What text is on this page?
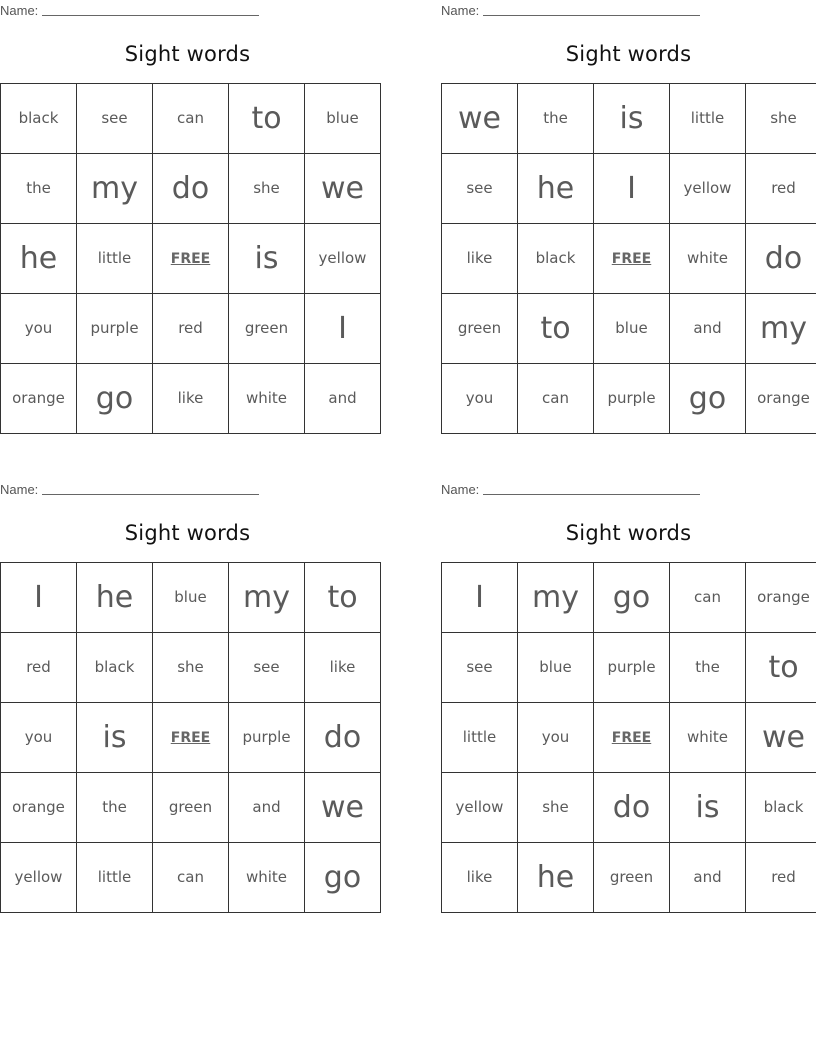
Name:
Sight words
black	see	can	to	blue
the	my	do	she	we
he	little	FREE	is	yellow
you	purple	red	green	I
orange	go	like	white	and
Name:
Sight words
we	the	is	little	she
see	he	I	yellow	red
like	black	FREE	white	do
green	to	blue	and	my
you	can	purple	go	orange
Name:
Sight words
I	he	blue	my	to
red	black	she	see	like
you	is	FREE	purple	do
orange	the	green	and	we
yellow	little	can	white	go
Name:
Sight words
I	my	go	can	orange
see	blue	purple	the	to
little	you	FREE	white	we
yellow	she	do	is	black
like	he	green	and	red
